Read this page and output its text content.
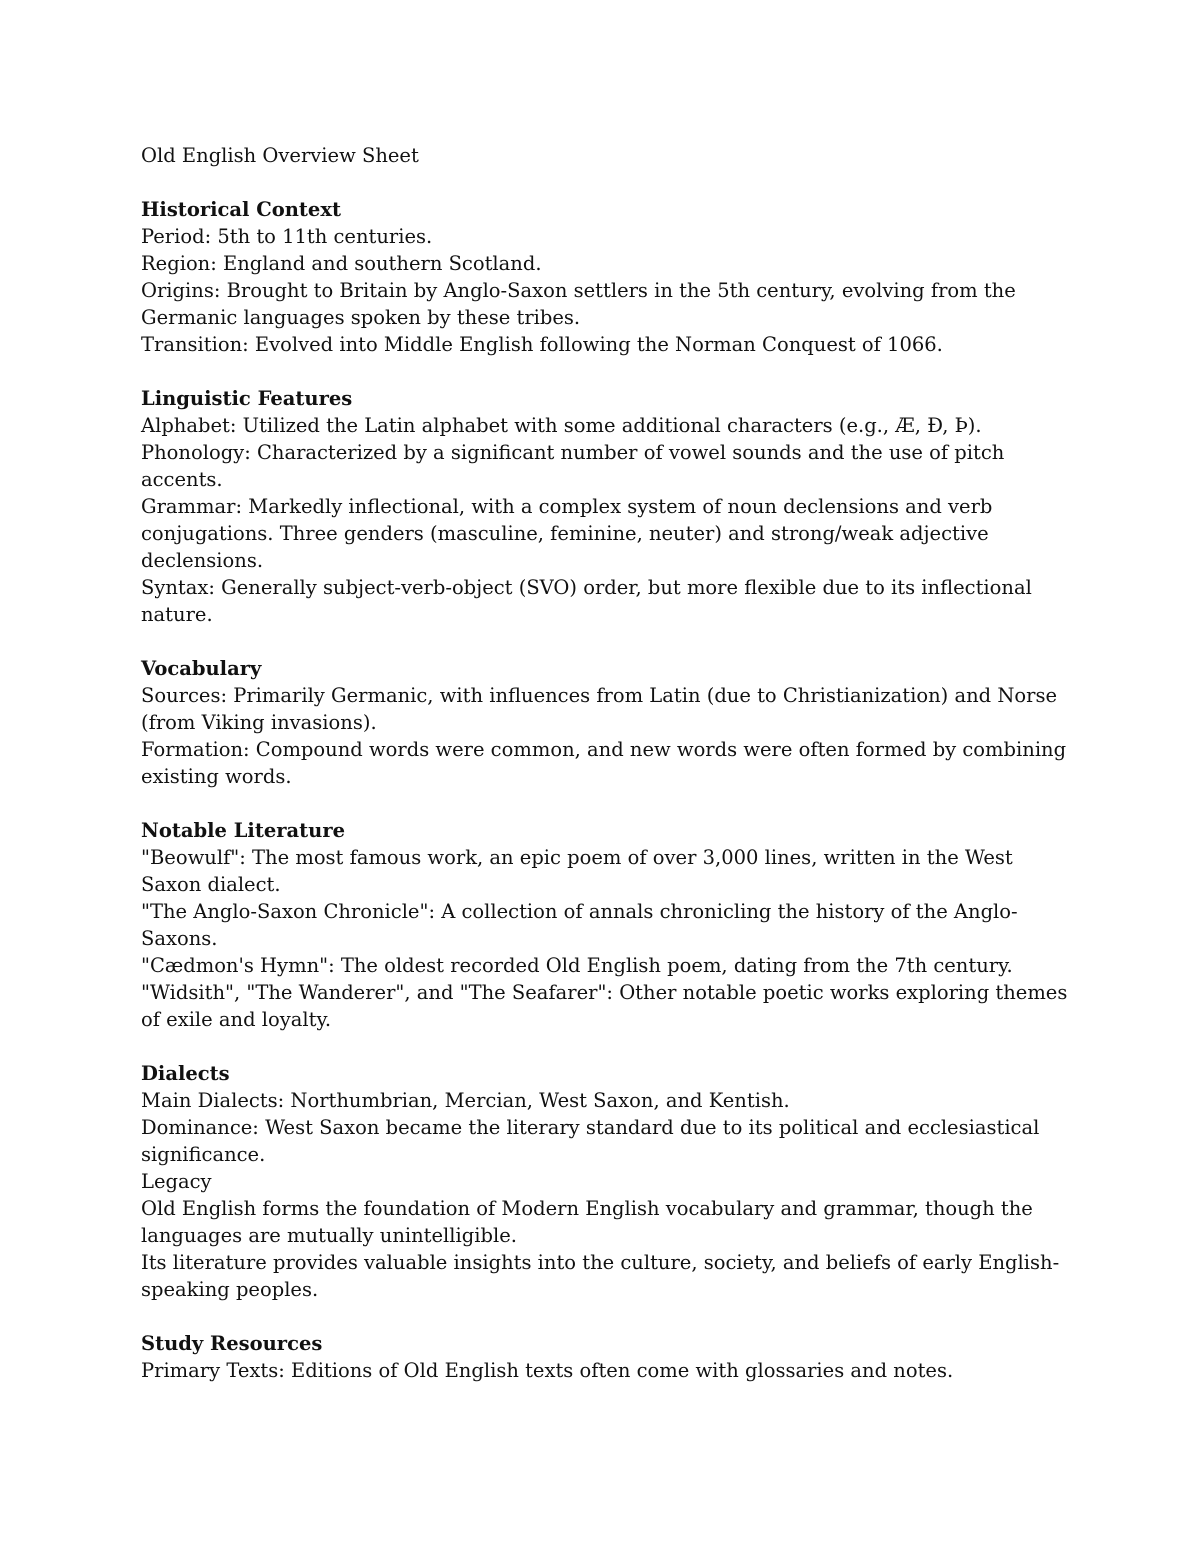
Old English Overview Sheet

Historical Context

Period: 5th to 11th centuries.

Region: England and southern Scotland.

Origins: Brought to Britain by Anglo-Saxon settlers in the 5th century, evolving from the Germanic languages spoken by these tribes.

Transition: Evolved into Middle English following the Norman Conquest of 1066.

Linguistic Features

Alphabet: Utilized the Latin alphabet with some additional characters (e.g., Æ, Ð, Þ).

Phonology: Characterized by a significant number of vowel sounds and the use of pitch accents.

Grammar: Markedly inflectional, with a complex system of noun declensions and verb conjugations. Three genders (masculine, feminine, neuter) and strong/weak adjective declensions.

Syntax: Generally subject-verb-object (SVO) order, but more flexible due to its inflectional nature.

Vocabulary

Sources: Primarily Germanic, with influences from Latin (due to Christianization) and Norse (from Viking invasions).

Formation: Compound words were common, and new words were often formed by combining existing words.

Notable Literature

"Beowulf": The most famous work, an epic poem of over 3,000 lines, written in the West Saxon dialect.

"The Anglo-Saxon Chronicle": A collection of annals chronicling the history of the Anglo-Saxons.

"Cædmon's Hymn": The oldest recorded Old English poem, dating from the 7th century.

"Widsith", "The Wanderer", and "The Seafarer": Other notable poetic works exploring themes of exile and loyalty.

Dialects

Main Dialects: Northumbrian, Mercian, West Saxon, and Kentish.

Dominance: West Saxon became the literary standard due to its political and ecclesiastical significance.

Legacy

Old English forms the foundation of Modern English vocabulary and grammar, though the languages are mutually unintelligible.

Its literature provides valuable insights into the culture, society, and beliefs of early English-speaking peoples.

Study Resources

Primary Texts: Editions of Old English texts often come with glossaries and notes.
